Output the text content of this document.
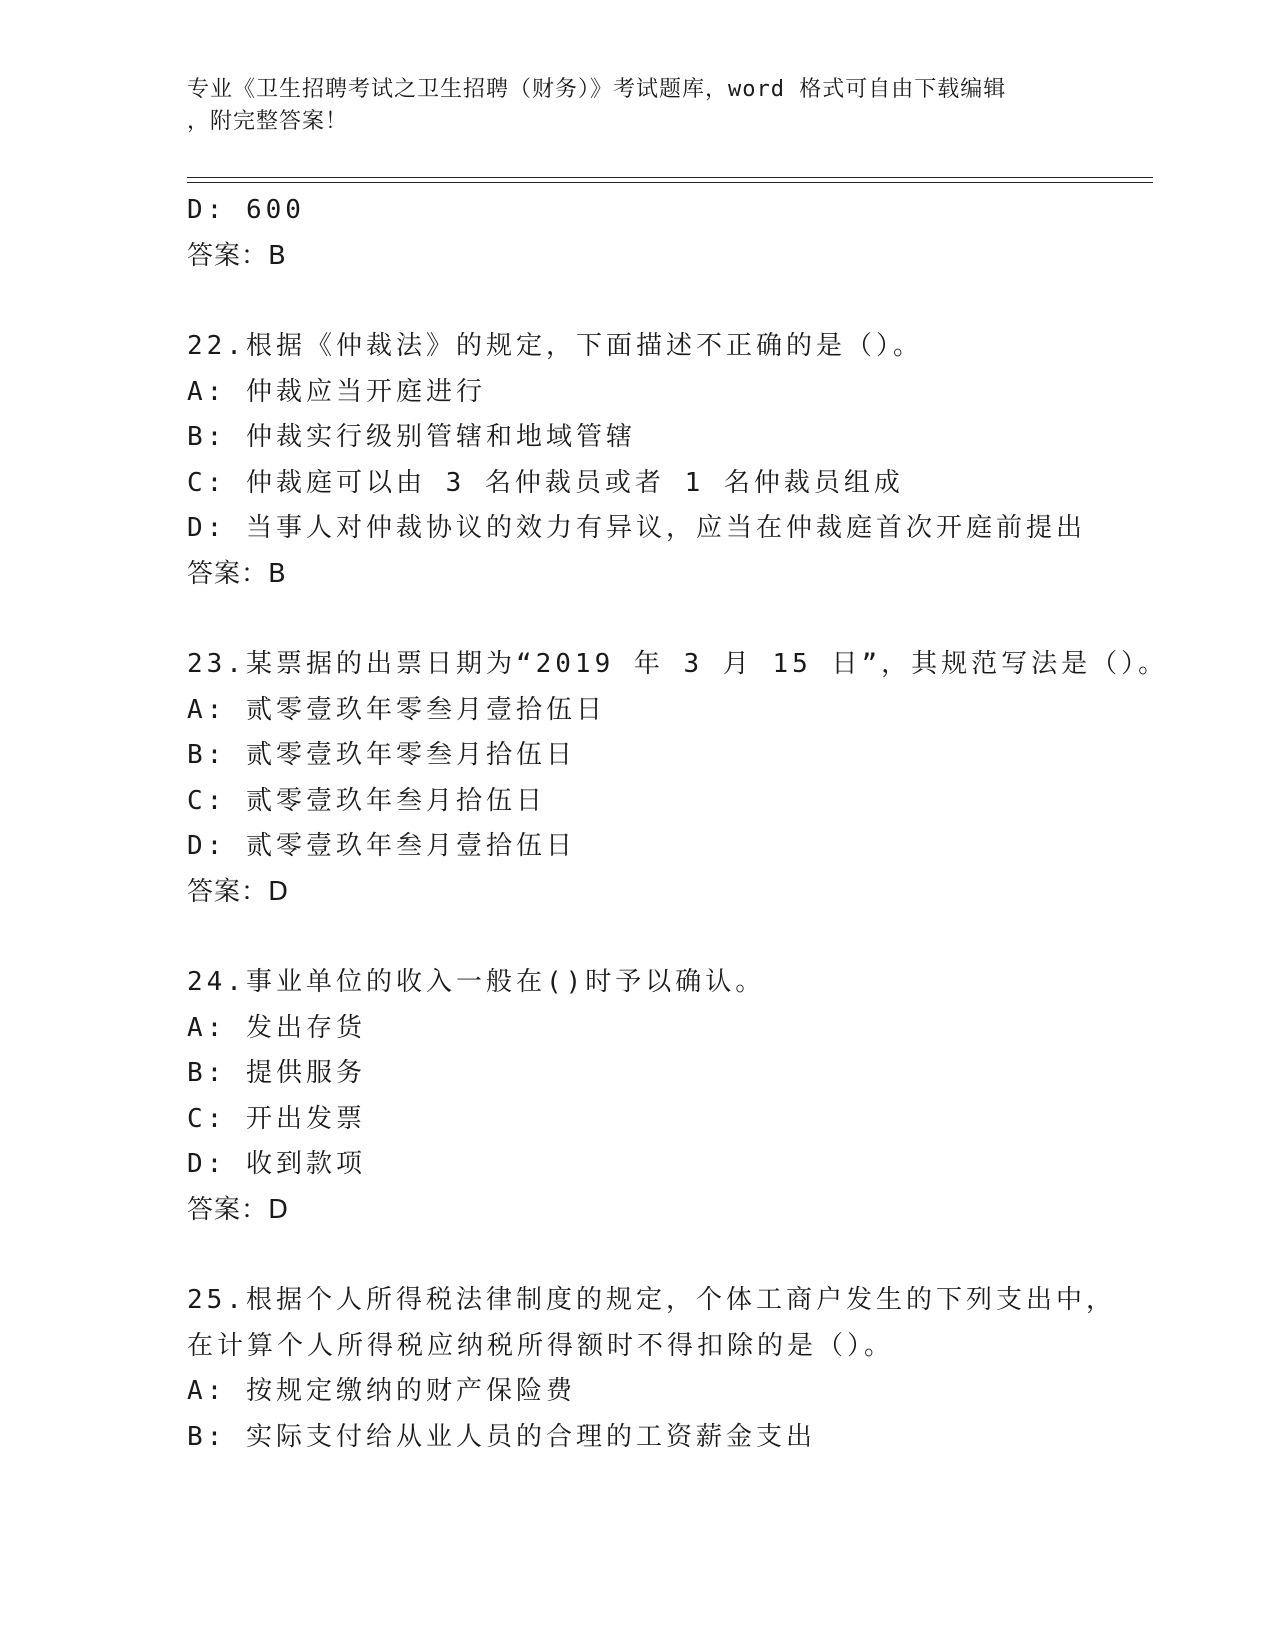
专业《卫生招聘考试之卫生招聘（财务）》考试题库，word 格式可自由下载编辑
，附完整答案！
D: 600
答案：B
22.根据《仲裁法》的规定，下面描述不正确的是（）。
A: 仲裁应当开庭进行
B: 仲裁实行级别管辖和地域管辖
C: 仲裁庭可以由 3 名仲裁员或者 1 名仲裁员组成
D: 当事人对仲裁协议的效力有异议，应当在仲裁庭首次开庭前提出
答案：B
23.某票据的出票日期为“2019 年 3 月 15 日”，其规范写法是（）。
A: 贰零壹玖年零叁月壹拾伍日
B: 贰零壹玖年零叁月拾伍日
C: 贰零壹玖年叁月拾伍日
D: 贰零壹玖年叁月壹拾伍日
答案：D
24.事业单位的收入一般在()时予以确认。
A: 发出存货
B: 提供服务
C: 开出发票
D: 收到款项
答案：D
25.根据个人所得税法律制度的规定，个体工商户发生的下列支出中，
在计算个人所得税应纳税所得额时不得扣除的是（）。
A: 按规定缴纳的财产保险费
B: 实际支付给从业人员的合理的工资薪金支出
